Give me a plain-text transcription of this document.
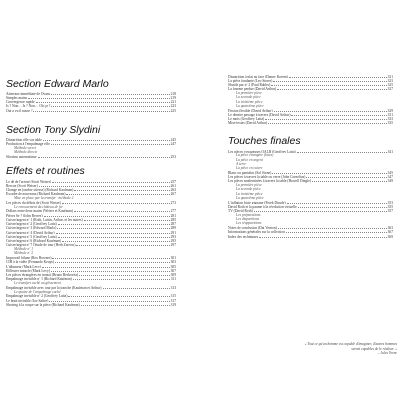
Section Edward Marlo
Atterrage immédiate de Ovans	218
Simples mains	219
Convergence rapide	221
Is ? Non… Is ? Non… Où ça ?	223
Qui a vu il passe ?	225
Section Tony Slydini
Disparition rôle sur table	245
Production à l'empalmage rôle	247
Méthode secret
Méthode directe
Shoving automatique	253
Effets et routines
Le dé de l'arrosé (Scott Weiser)	257
Rescue (Scott Weiser)	261
Change en (ombre vitesse) (Richard Kaufman)	263
Escadre de nouveaux (Richard Kaufman)	267
Mise en place par la transfer · méthode 2
Les pièces du débris de (Scott Weiser)	273
Le renouvement du château de fer
Dollars entre deux mains (Weiser et Kaufman)	277
Pièces 6e ? (John Rewes)	281
Cuivre/argent nº 1 (Roth, Lattin, Arthur, et les autres)	285
Cuivre/argent nº 2 (Geoffrey Latta)	287
Cuivre/argent nº 3 (Edward Marlo)	289
Cuivre/argent nº 4 (David Arthur)	291
Cuivre/argent nº 5 (Geoffrey Latta)	293
Cuivre/argent nº 6 (Richard Kaufman)	295
Cuivre/argent nº 7 l'étude de tour (Herb Zarrow)	297
Méthode nº 1
Méthode nº 2
Improvail bilune (Rex Bowner)	301
CIH à la vidéo (Fernando Keops)	303
L'allumeur (Mark Levy)	305
Effleurer miracle (Mark Levy)	307
Les pièces étrangères en transit (Bruno Berkovitz)	309
Empalmage invisible nº 1 (Richard Kaufman)	311
Le transfert caché au glissement
Empalmage invisible avec tour par la tranche (Kaufman et Arthur)	313
Le quatre de l'empalmage caché
Empalmage invisible nº 2 (Geoffrey Latta)	315
Le bruit invisible (Joe Safire)	317
Shoving à la coupe sur la pièce (Richard Kaufman)	319
Disparition à plat au face (Danny Korem)	321
La pièce fondante (Leo Storer)	323
Shuttle par nº 2 (Paul Rabler)	325
La fourme perdue (David Arthur)	327
La première pièce
La seconde pièce
La troisième pièce
La quatrième pièce
Fission flexible (David Arthur)	329
Le dernier passage à travers (David Arthur)	331
Le mois (Geoffrey Latta)	333
Mise-textes (David Arthur)	335
Touches finales
Les pièces voyageuses OALR (Geoffrey Latta)	341
La pièce étrangère (latex)
La pièce en argent
À terre
La pièce en cuivre
Blanc ou pantalon (Sol Stone)	345
Les pièces à travers la table ou verre (John Cornelius)	347
Les pièces modernisées à travers la table (Howell Dingle)	349
La première pièce
La seconde pièce
La troisième pièce
La quatrième pièce
L'inflation bicie gigogne (Ferek Dingle)	353
David Roth et la paume à la révolution virtuelle	355
TV (David Roth)	357
Les préparations
Les disparitions
Les réapparitions
Notes de conclusion (Dai Vernon)	363
Informations générales sur la collection	367
Index des techniques	369
« Tout ce qu'un homme est capable d'imaginer, d'autres hommes seront capables de le réaliser. »
– Jules Verne
